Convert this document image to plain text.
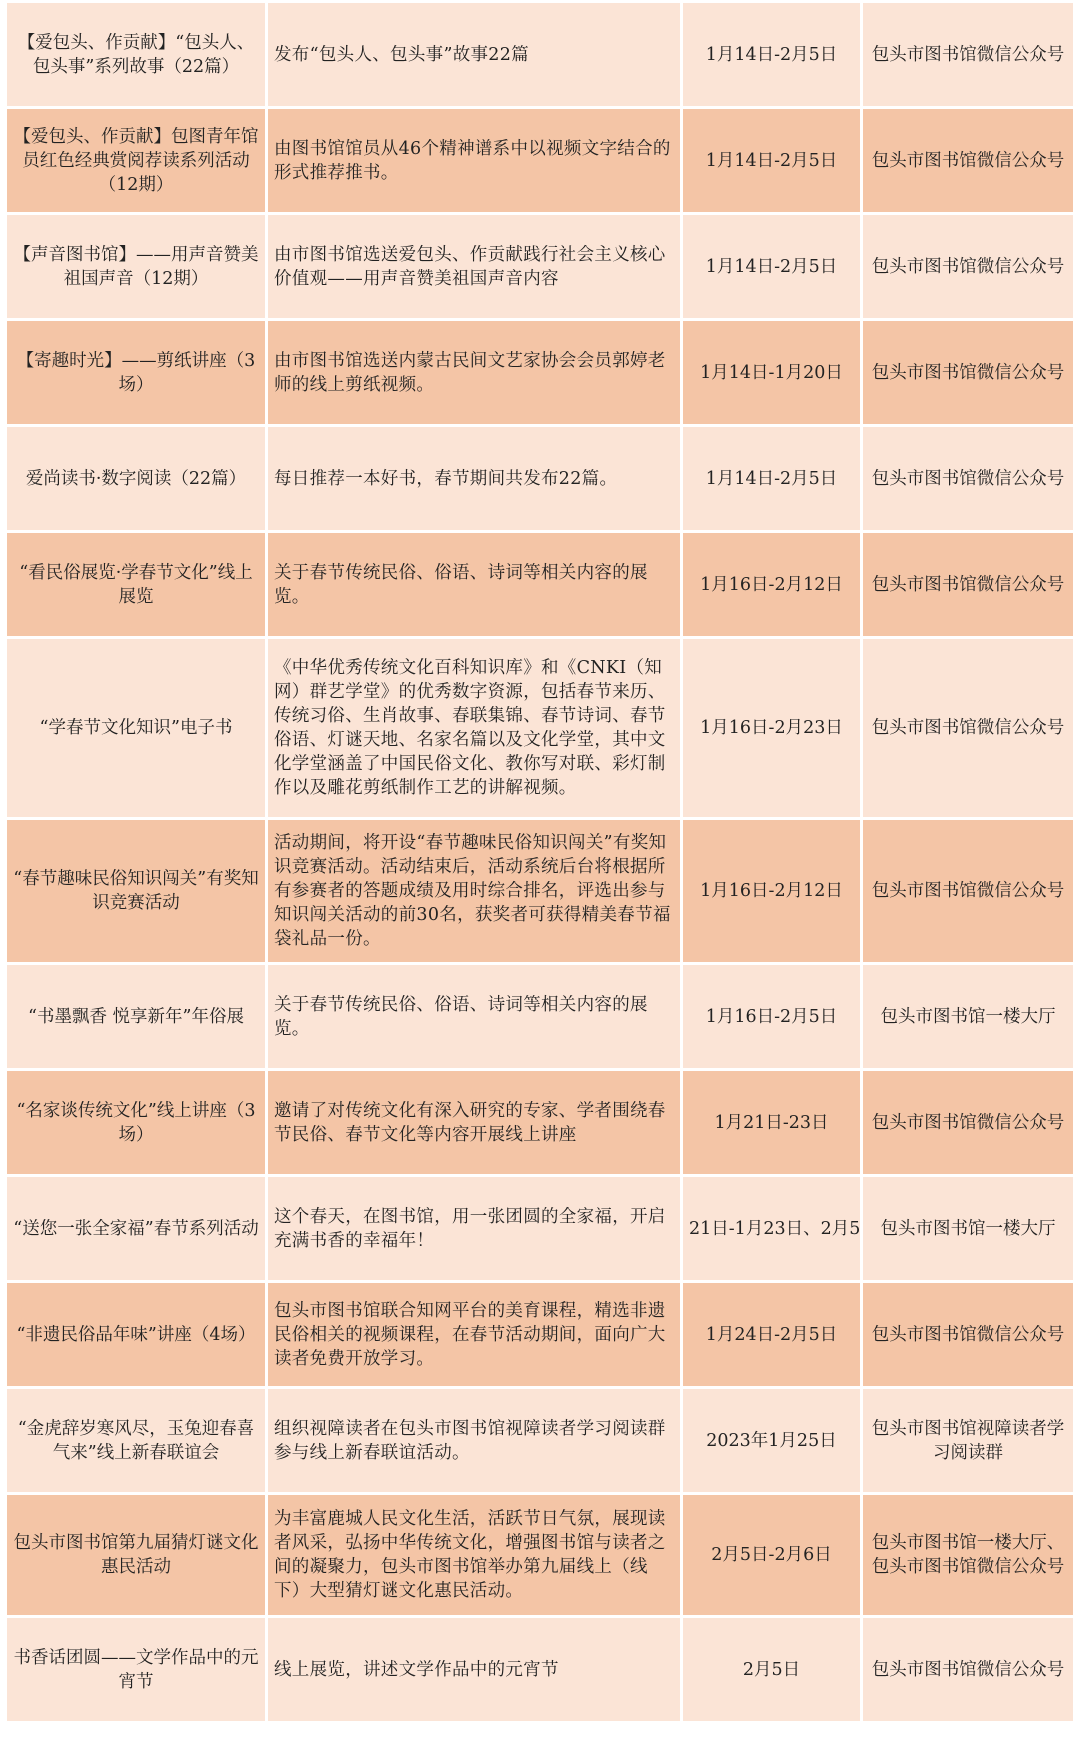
【爱包头、作贡献】“包头人、包头事”系列故事（22篇）	发布“包头人、包头事”故事22篇	1月14日-2月5日	包头市图书馆微信公众号
【爱包头、作贡献】包图青年馆员红色经典赏阅荐读系列活动（12期）	由图书馆馆员从46个精神谱系中以视频文字结合的形式推荐推书。	1月14日-2月5日	包头市图书馆微信公众号
【声音图书馆】——用声音赞美祖国声音（12期）	由市图书馆选送爱包头、作贡献践行社会主义核心价值观——用声音赞美祖国声音内容	1月14日-2月5日	包头市图书馆微信公众号
【寄趣时光】——剪纸讲座（3场）	由市图书馆选送内蒙古民间文艺家协会会员郭婷老师的线上剪纸视频。	1月14日-1月20日	包头市图书馆微信公众号
爱尚读书·数字阅读（22篇）	每日推荐一本好书，春节期间共发布22篇。	1月14日-2月5日	包头市图书馆微信公众号
“看民俗展览·学春节文化”线上展览	关于春节传统民俗、俗语、诗词等相关内容的展览。	1月16日-2月12日	包头市图书馆微信公众号
“学春节文化知识”电子书	《中华优秀传统文化百科知识库》和《CNKI（知网）群艺学堂》的优秀数字资源，包括春节来历、传统习俗、生肖故事、春联集锦、春节诗词、春节俗语、灯谜天地、名家名篇以及文化学堂，其中文化学堂涵盖了中国民俗文化、教你写对联、彩灯制作以及雕花剪纸制作工艺的讲解视频。	1月16日-2月23日	包头市图书馆微信公众号
“春节趣味民俗知识闯关”有奖知识竞赛活动	活动期间，将开设“春节趣味民俗知识闯关”有奖知识竞赛活动。活动结束后，活动系统后台将根据所有参赛者的答题成绩及用时综合排名，评选出参与知识闯关活动的前30名，获奖者可获得精美春节福袋礼品一份。	1月16日-2月12日	包头市图书馆微信公众号
“书墨飘香 悦享新年”年俗展	关于春节传统民俗、俗语、诗词等相关内容的展览。	1月16日-2月5日	包头市图书馆一楼大厅
“名家谈传统文化”线上讲座（3场）	邀请了对传统文化有深入研究的专家、学者围绕春节民俗、春节文化等内容开展线上讲座	1月21日-23日	包头市图书馆微信公众号
“送您一张全家福”春节系列活动	这个春天，在图书馆，用一张团圆的全家福，开启充满书香的幸福年！	21日-1月23日、2月5	包头市图书馆一楼大厅
“非遗民俗品年味”讲座（4场）	包头市图书馆联合知网平台的美育课程，精选非遗民俗相关的视频课程，在春节活动期间，面向广大读者免费开放学习。	1月24日-2月5日	包头市图书馆微信公众号
“金虎辞岁寒风尽，玉兔迎春喜气来”线上新春联谊会	组织视障读者在包头市图书馆视障读者学习阅读群参与线上新春联谊活动。	2023年1月25日	包头市图书馆视障读者学习阅读群
包头市图书馆第九届猜灯谜文化惠民活动	为丰富鹿城人民文化生活，活跃节日气氛，展现读者风采，弘扬中华传统文化，增强图书馆与读者之间的凝聚力，包头市图书馆举办第九届线上（线下）大型猜灯谜文化惠民活动。	2月5日-2月6日	包头市图书馆一楼大厅、包头市图书馆微信公众号
书香话团圆——文学作品中的元宵节	线上展览，讲述文学作品中的元宵节	2月5日	包头市图书馆微信公众号
